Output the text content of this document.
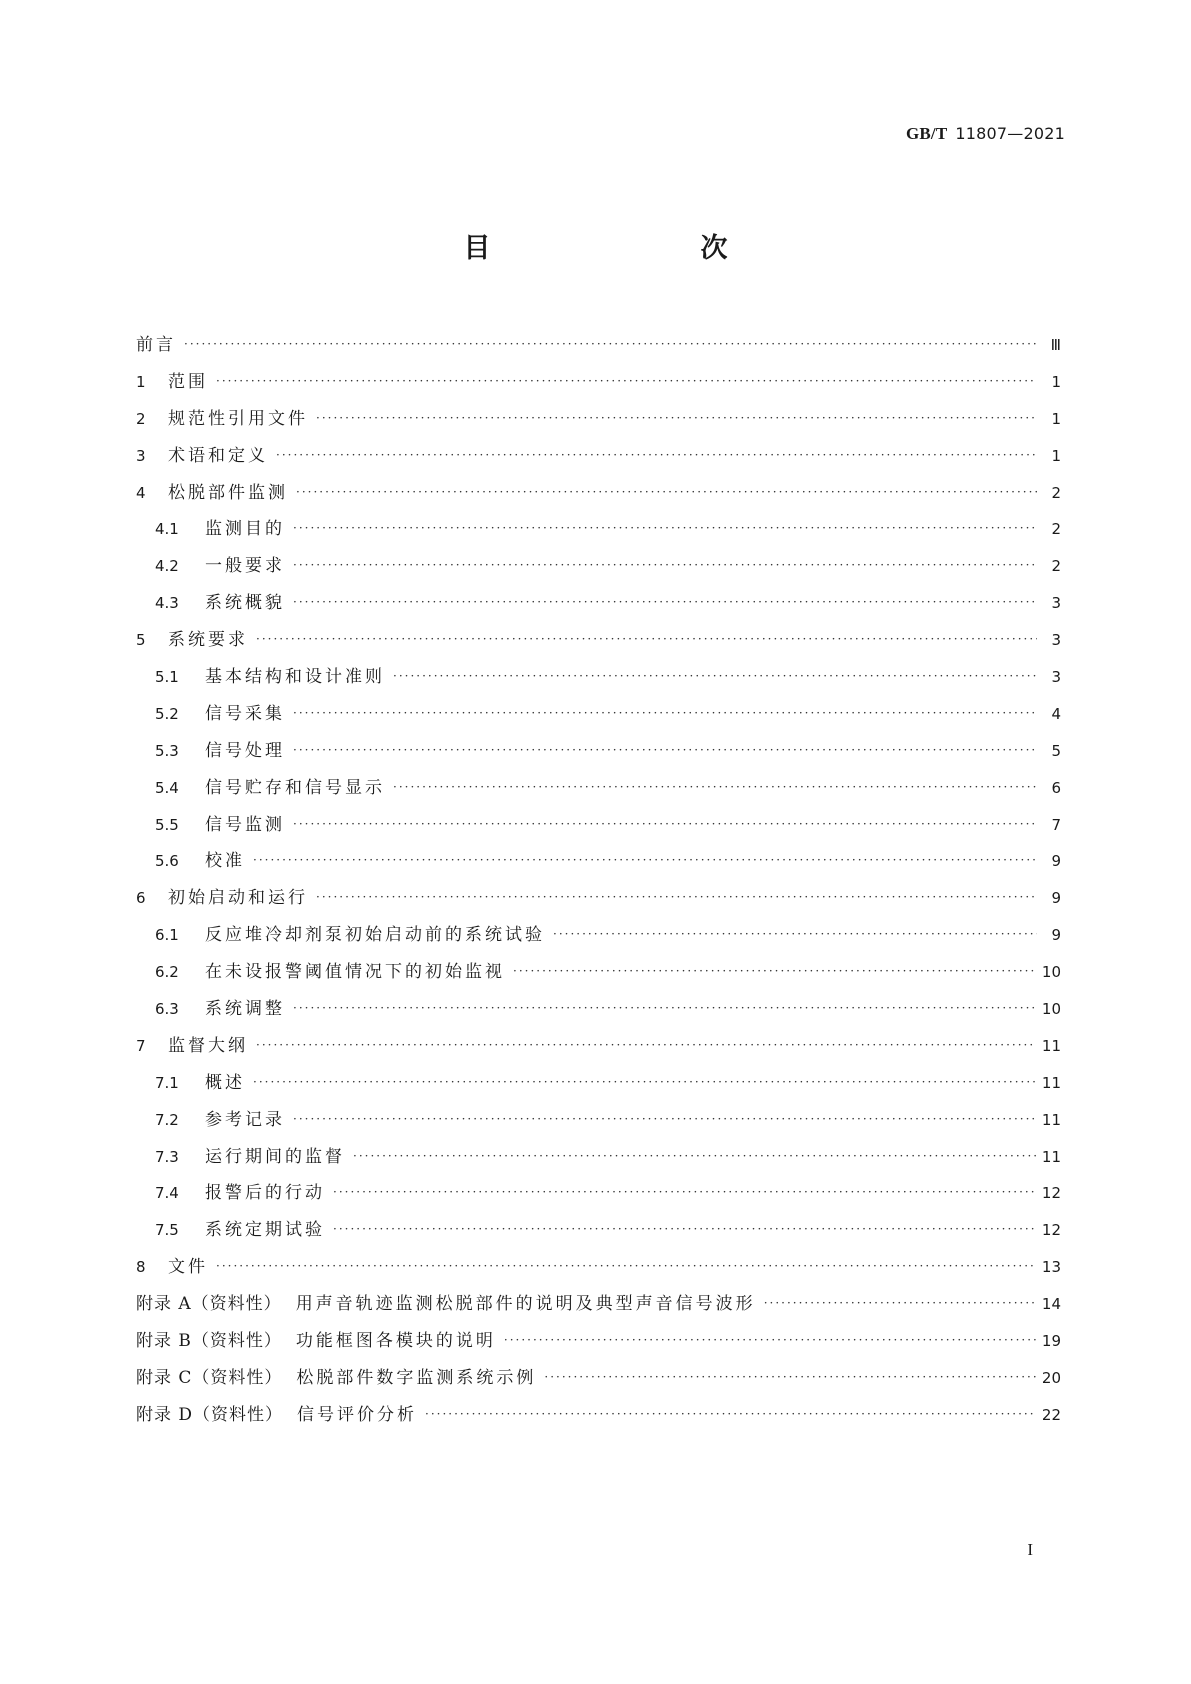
GB/T 11807—2021
目　　次
前言 ·····	Ⅲ
1	范围 ·····	1
2	规范性引用文件 ·····	1
3	术语和定义 ·····	1
4	松脱部件监测 ·····	2
4.1	监测目的 ·····	2
4.2	一般要求 ·····	2
4.3	系统概貌 ·····	3
5	系统要求 ·····	3
5.1	基本结构和设计准则 ·····	3
5.2	信号采集 ·····	4
5.3	信号处理 ·····	5
5.4	信号贮存和信号显示 ·····	6
5.5	信号监测 ·····	7
5.6	校准 ·····	9
6	初始启动和运行 ·····	9
6.1	反应堆冷却剂泵初始启动前的系统试验 ·····	9
6.2	在未设报警阈值情况下的初始监视 ·····	10
6.3	系统调整 ·····	10
7	监督大纲 ·····	11
7.1	概述 ·····	11
7.2	参考记录 ·····	11
7.3	运行期间的监督 ·····	11
7.4	报警后的行动 ·····	12
7.5	系统定期试验 ·····	12
8	文件 ·····	13
附录 A（资料性） 用声音轨迹监测松脱部件的说明及典型声音信号波形 ·····	14
附录 B（资料性） 功能框图各模块的说明 ·····	19
附录 C（资料性） 松脱部件数字监测系统示例 ·····	20
附录 D（资料性） 信号评价分析 ·····	22
I
